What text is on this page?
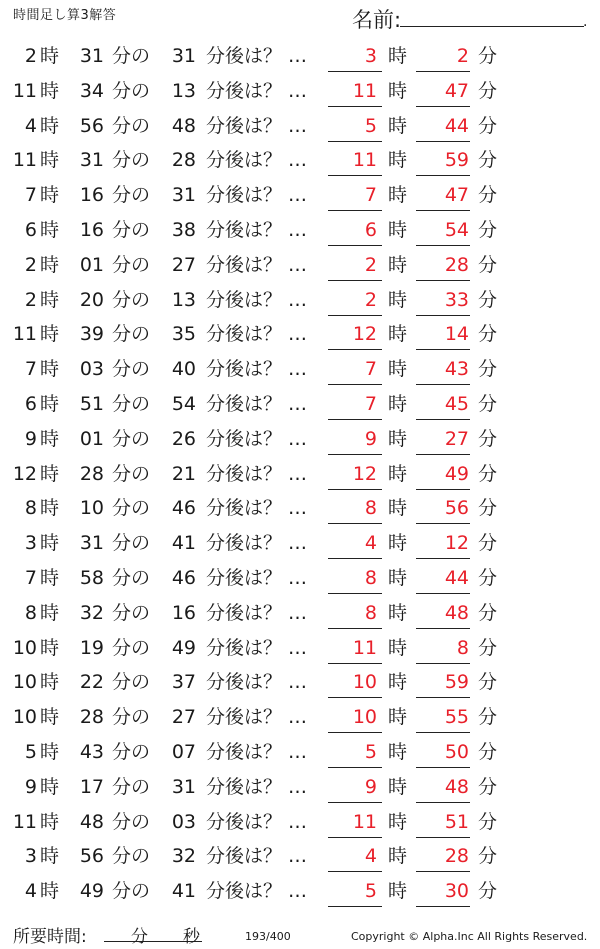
時間足し算3解答	名前:	.
2 時	31 分の	31 分後は？ …	3 時	2 分
11 時	34 分の	13 分後は？ …	11 時	47 分
4 時	56 分の	48 分後は？ …	5 時	44 分
11 時	31 分の	28 分後は？ …	11 時	59 分
7 時	16 分の	31 分後は？ …	7 時	47 分
6 時	16 分の	38 分後は？ …	6 時	54 分
2 時	01 分の	27 分後は？ …	2 時	28 分
2 時	20 分の	13 分後は？ …	2 時	33 分
11 時	39 分の	35 分後は？ …	12 時	14 分
7 時	03 分の	40 分後は？ …	7 時	43 分
6 時	51 分の	54 分後は？ …	7 時	45 分
9 時	01 分の	26 分後は？ …	9 時	27 分
12 時	28 分の	21 分後は？ …	12 時	49 分
8 時	10 分の	46 分後は？ …	8 時	56 分
3 時	31 分の	41 分後は？ …	4 時	12 分
7 時	58 分の	46 分後は？ …	8 時	44 分
8 時	32 分の	16 分後は？ …	8 時	48 分
10 時	19 分の	49 分後は？ …	11 時	8 分
10 時	22 分の	37 分後は？ …	10 時	59 分
10 時	28 分の	27 分後は？ …	10 時	55 分
5 時	43 分の	07 分後は？ …	5 時	50 分
9 時	17 分の	31 分後は？ …	9 時	48 分
11 時	48 分の	03 分後は？ …	11 時	51 分
3 時	56 分の	32 分後は？ …	4 時	28 分
4 時	49 分の	41 分後は？ …	5 時	30 分
所要時間:	分 秒	193/400	Copyright © Alpha.Inc All Rights Reserved.
